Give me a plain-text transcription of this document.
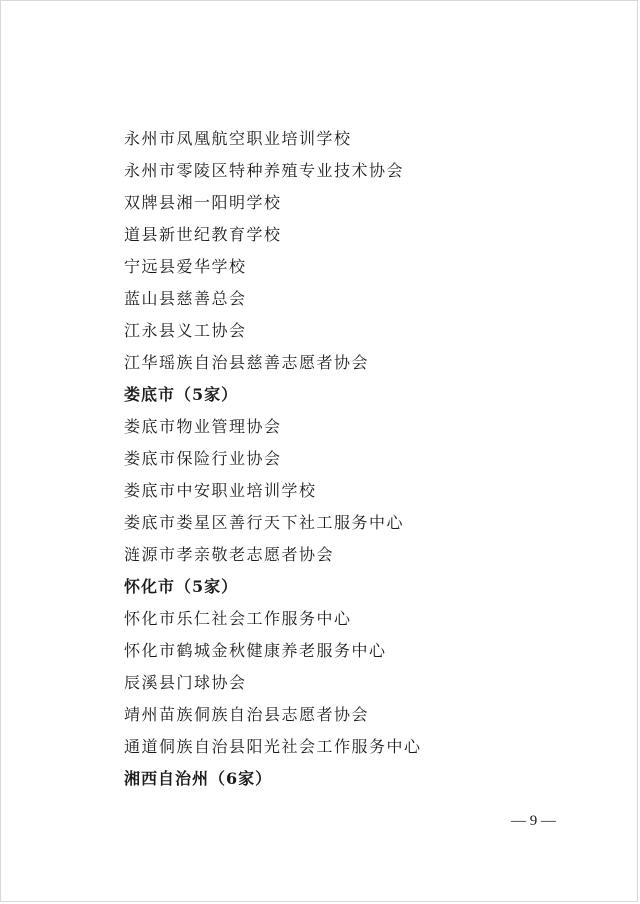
永州市凤凰航空职业培训学校
永州市零陵区特种养殖专业技术协会
双牌县湘一阳明学校
道县新世纪教育学校
宁远县爱华学校
蓝山县慈善总会
江永县义工协会
江华瑶族自治县慈善志愿者协会
娄底市（5家）
娄底市物业管理协会
娄底市保险行业协会
娄底市中安职业培训学校
娄底市娄星区善行天下社工服务中心
涟源市孝亲敬老志愿者协会
怀化市（5家）
怀化市乐仁社会工作服务中心
怀化市鹤城金秋健康养老服务中心
辰溪县门球协会
靖州苗族侗族自治县志愿者协会
通道侗族自治县阳光社会工作服务中心
湘西自治州（6家）
— 9 —
